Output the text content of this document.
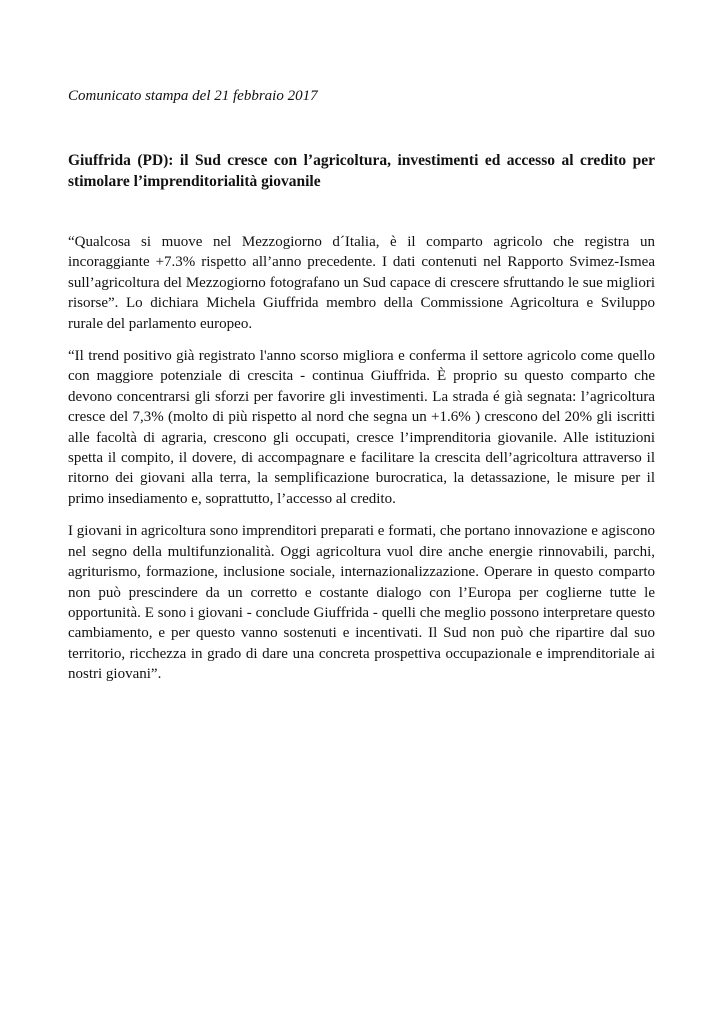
Comunicato stampa del 21 febbraio 2017
Giuffrida (PD): il Sud cresce con l’agricoltura, investimenti ed accesso al credito per stimolare l’imprenditorialità giovanile

“Qualcosa si muove nel Mezzogiorno d´Italia, è il comparto agricolo che registra un incoraggiante +7.3% rispetto all’anno precedente. I dati contenuti nel Rapporto Svimez-Ismea sull’agricoltura del Mezzogiorno fotografano un Sud capace di crescere sfruttando le sue migliori risorse”. Lo dichiara Michela Giuffrida membro della Commissione Agricoltura e Sviluppo rurale del parlamento europeo.

“Il trend positivo già registrato l'anno scorso migliora e conferma il settore agricolo come quello con maggiore potenziale di crescita - continua Giuffrida. È proprio su questo comparto che devono concentrarsi gli sforzi per favorire gli investimenti. La strada é già segnata: l’agricoltura cresce del 7,3% (molto di più rispetto al nord che segna un +1.6% ) crescono del 20% gli iscritti alle facoltà di agraria, crescono gli occupati, cresce l’imprenditoria giovanile. Alle istituzioni spetta il compito, il dovere, di accompagnare e facilitare la crescita dell’agricoltura attraverso il ritorno dei giovani alla terra, la semplificazione burocratica, la detassazione, le misure per il primo insediamento e, soprattutto, l’accesso al credito.

I giovani in agricoltura sono imprenditori preparati e formati, che portano innovazione e agiscono nel segno della multifunzionalità. Oggi agricoltura vuol dire anche energie rinnovabili, parchi, agriturismo, formazione, inclusione sociale, internazionalizzazione. Operare in questo comparto non può prescindere da un corretto e costante dialogo con l’Europa per coglierne tutte le opportunità. E sono i giovani - conclude Giuffrida - quelli che meglio possono interpretare questo cambiamento, e per questo vanno sostenuti e incentivati. Il Sud non può che ripartire dal suo territorio, ricchezza in grado di dare una concreta prospettiva occupazionale e imprenditoriale ai nostri giovani”.
